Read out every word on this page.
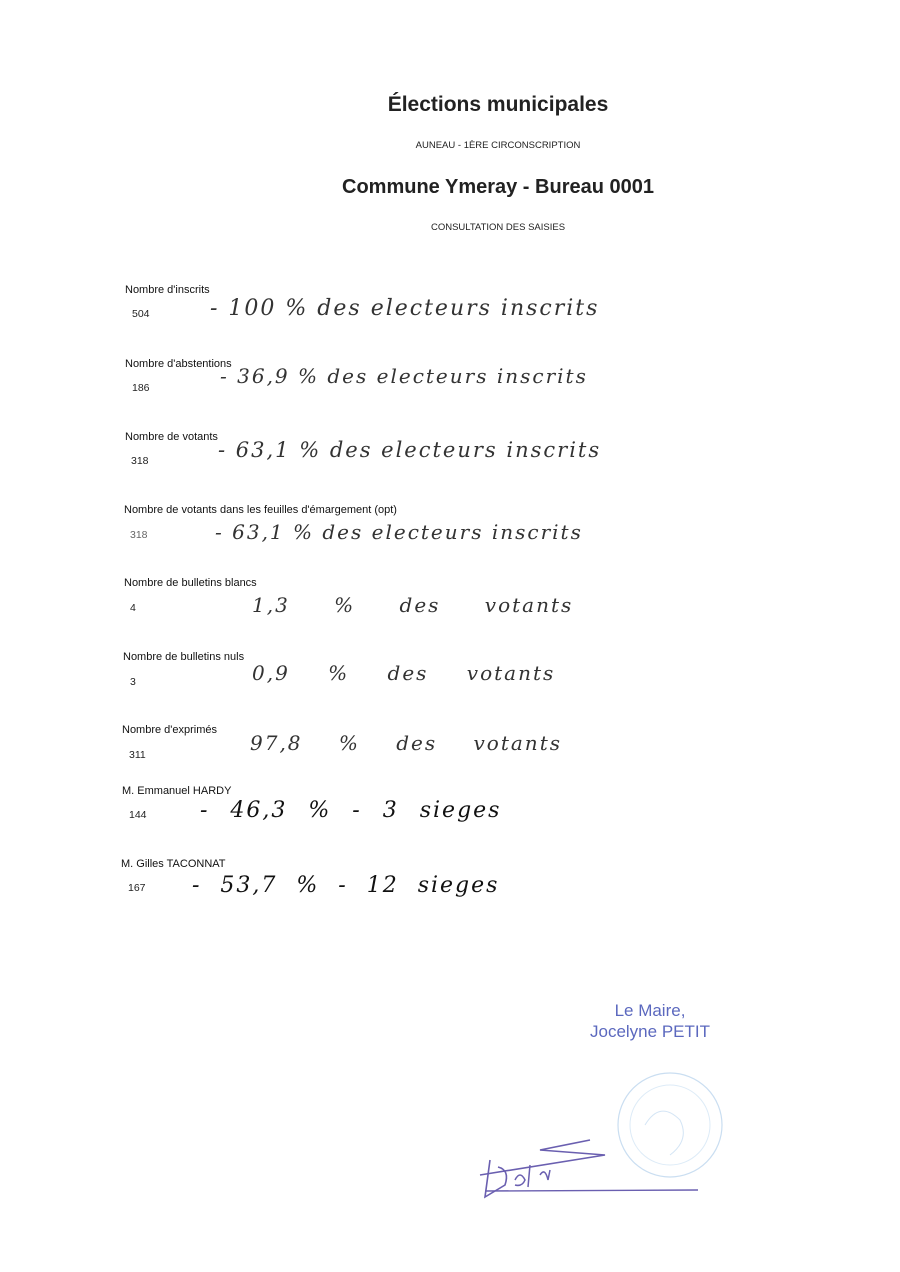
Élections municipales
AUNEAU - 1ÈRE CIRCONSCRIPTION
Commune Ymeray - Bureau 0001
CONSULTATION DES SAISIES
Nombre d'inscrits
504	- 100 % des electeurs inscrits
Nombre d'abstentions
186	- 36,9 % des electeurs inscrits
Nombre de votants
318	- 63,1 % des electeurs inscrits
Nombre de votants dans les feuilles d'émargement (opt)
318	- 63,1 % des electeurs inscrits
Nombre de bulletins blancs
4	1,3 % des votants
Nombre de bulletins nuls
3	0,9 % des votants
Nombre d'exprimés
311	97,8 % des votants
M. Emmanuel HARDY
144 - 46,3 % - 3 sieges
M. Gilles TACONNAT
167 - 53,7 % - 12 sieges
Le Maire,
Jocelyne PETIT
